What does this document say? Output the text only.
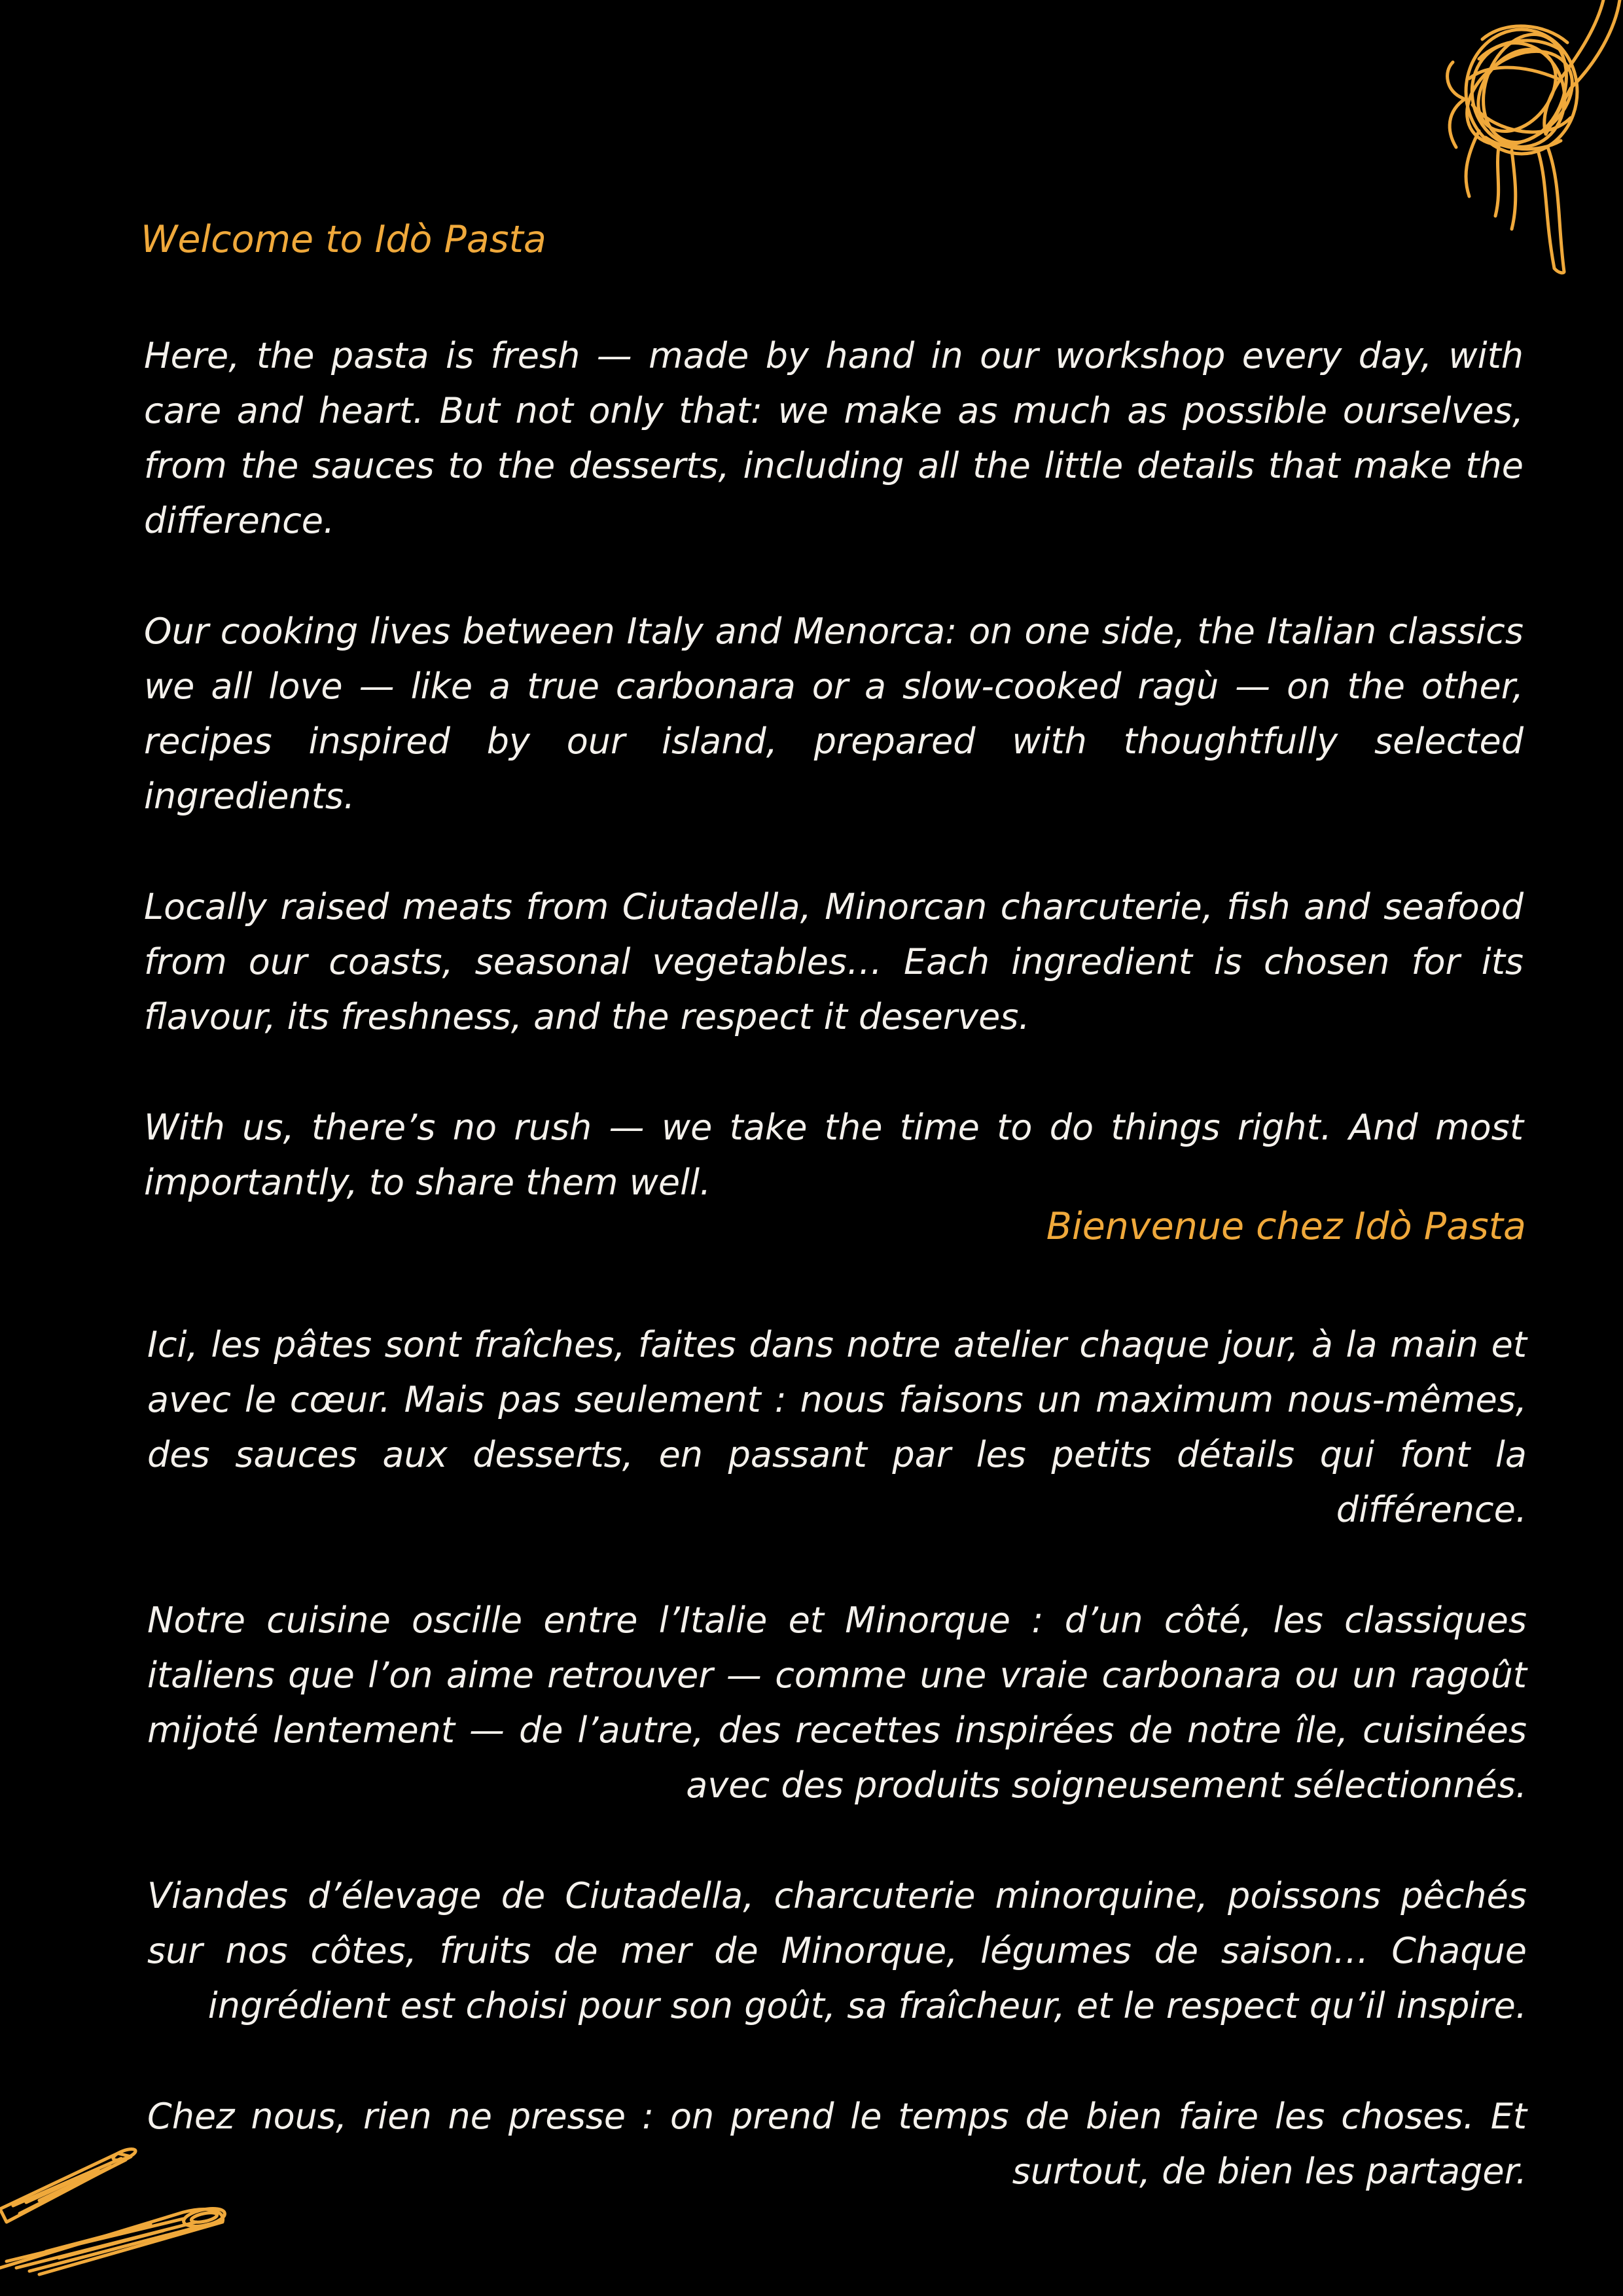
Welcome to Idò Pasta

Here, the pasta is fresh — made by hand in our workshop every day, with care and heart. But not only that: we make as much as possible ourselves, from the sauces to the desserts, including all the little details that make the difference.

Our cooking lives between Italy and Menorca: on one side, the Italian classics we all love — like a true carbonara or a slow-cooked ragù — on the other, recipes inspired by our island, prepared with thoughtfully selected ingredients.

Locally raised meats from Ciutadella, Minorcan charcuterie, fish and seafood from our coasts, seasonal vegetables… Each ingredient is chosen for its flavour, its freshness, and the respect it deserves.

With us, there’s no rush — we take the time to do things right. And most importantly, to share them well.

Bienvenue chez Idò Pasta

Ici, les pâtes sont fraîches, faites dans notre atelier chaque jour, à la main et avec le cœur. Mais pas seulement : nous faisons un maximum nous-mêmes, des sauces aux desserts, en passant par les petits détails qui font la différence.

Notre cuisine oscille entre l’Italie et Minorque : d’un côté, les classiques italiens que l’on aime retrouver — comme une vraie carbonara ou un ragoût mijoté lentement — de l’autre, des recettes inspirées de notre île, cuisinées avec des produits soigneusement sélectionnés.

Viandes d’élevage de Ciutadella, charcuterie minorquine, poissons pêchés sur nos côtes, fruits de mer de Minorque, légumes de saison… Chaque ingrédient est choisi pour son goût, sa fraîcheur, et le respect qu’il inspire.

Chez nous, rien ne presse : on prend le temps de bien faire les choses. Et surtout, de bien les partager.
